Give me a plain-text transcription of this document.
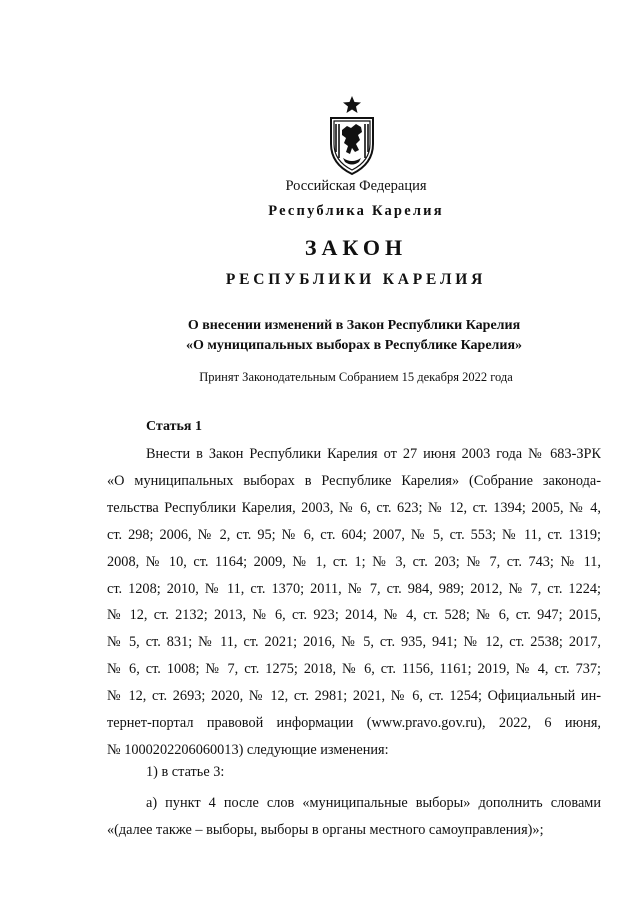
Российская Федерация
Республика Карелия
ЗАКОН
РЕСПУБЛИКИ КАРЕЛИЯ
О внесении изменений в Закон Республики Карелия
«О муниципальных выборах в Республике Карелия»
Принят Законодательным Собранием 15 декабря 2022 года
Статья 1
Внести в Закон Республики Карелия от 27 июня 2003 года № 683-ЗРК
«О муниципальных выборах в Республике Карелия» (Собрание законода-
тельства Республики Карелия, 2003, № 6, ст. 623; № 12, ст. 1394; 2005, № 4,
ст. 298; 2006, № 2, ст. 95; № 6, ст. 604; 2007, № 5, ст. 553; № 11, ст. 1319;
2008, № 10, ст. 1164; 2009, № 1, ст. 1; № 3, ст. 203; № 7, ст. 743; № 11,
ст. 1208; 2010, № 11, ст. 1370; 2011, № 7, ст. 984, 989; 2012, № 7, ст. 1224;
№ 12, ст. 2132; 2013, № 6, ст. 923; 2014, № 4, ст. 528; № 6, ст. 947; 2015,
№ 5, ст. 831; № 11, ст. 2021; 2016, № 5, ст. 935, 941; № 12, ст. 2538; 2017,
№ 6, ст. 1008; № 7, ст. 1275; 2018, № 6, ст. 1156, 1161; 2019, № 4, ст. 737;
№ 12, ст. 2693; 2020, № 12, ст. 2981; 2021, № 6, ст. 1254; Официальный ин-
тернет-портал правовой информации (www.pravo.gov.ru), 2022, 6 июня,
№ 1000202206060013) следующие изменения:
1) в статье 3:
а) пункт 4 после слов «муниципальные выборы» дополнить словами
«(далее также – выборы, выборы в органы местного самоуправления)»;
